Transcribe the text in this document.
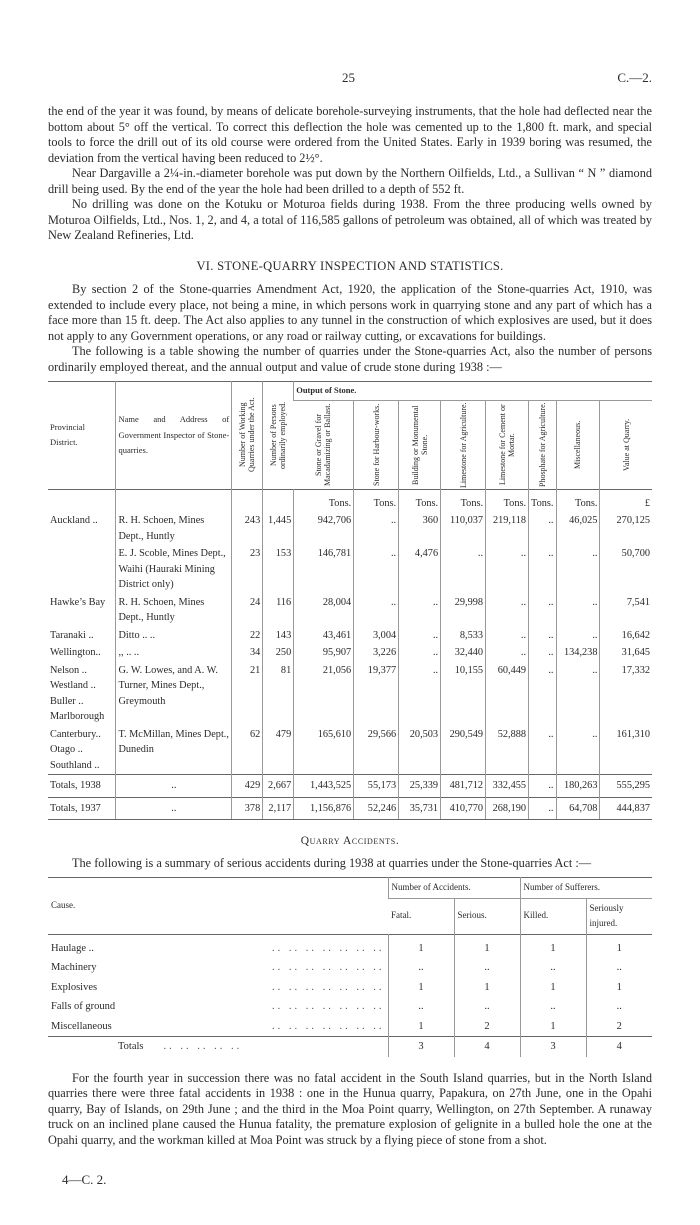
25	C.—2.

the end of the year it was found, by means of delicate borehole-surveying instruments, that the hole had deflected near the bottom about 5° off the vertical. To correct this deflection the hole was cemented up to the 1,800 ft. mark, and special tools to force the drill out of its old course were ordered from the United States. Early in 1939 boring was resumed, the deviation from the vertical having been reduced to 2½°.

Near Dargaville a 2¼-in.-diameter borehole was put down by the Northern Oilfields, Ltd., a Sullivan “ N ” diamond drill being used. By the end of the year the hole had been drilled to a depth of 552 ft.

No drilling was done on the Kotuku or Moturoa fields during 1938. From the three producing wells owned by Moturoa Oilfields, Ltd., Nos. 1, 2, and 4, a total of 116,585 gallons of petroleum was obtained, all of which was treated by New Zealand Refineries, Ltd.

VI. STONE-QUARRY INSPECTION AND STATISTICS.

By section 2 of the Stone-quarries Amendment Act, 1920, the application of the Stone-quarries Act, 1910, was extended to include every place, not being a mine, in which persons work in quarrying stone and any part of which has a face more than 15 ft. deep. The Act also applies to any tunnel in the construction of which explosives are used, but it does not apply to any Government operations, or any road or railway cutting, or excavations for buildings.

The following is a table showing the number of quarries under the Stone-quarries Act, also the number of persons ordinarily employed thereat, and the annual output and value of crude stone during 1938 :—

Provincial District.	Name and Address of Government Inspector of Stone-quarries.	Number of Working Quarries under the Act.	Number of Persons ordinarily employed.	Output of Stone.							

				Stone or Gravel for Macadamizing or Ballast.	Stone for Harbour-works.	Building or Monumental Stone.	Limestone for Agriculture.	Limestone for Cement or Mortar.	Phosphate for Agriculture.	Miscellaneous.	Value at Quarry.

				Tons.	Tons.	Tons.	Tons.	Tons.	Tons.	Tons.	£
Auckland ..	R. H. Schoen, Mines Dept., Huntly	243	1,445	942,706	..	360	110,037	219,118	..	46,025	270,125
	E. J. Scoble, Mines Dept., Waihi (Hauraki Mining District only)	23	153	146,781	..	4,476	..	..	..	..	50,700
Hawke’s Bay	R. H. Schoen, Mines Dept., Huntly	24	116	28,004	..	..	29,998	..	..	..	7,541
Taranaki ..	Ditto .. ..	22	143	43,461	3,004	..	8,533	..	..	..	16,642
Wellington..	,, .. ..	34	250	95,907	3,226	..	32,440	..	..	134,238	31,645
Nelson ..
Westland ..
Buller ..
Marlborough	G. W. Lowes, and A. W. Turner, Mines Dept., Greymouth	21	81	21,056	19,377	..	10,155	60,449	..	..	17,332
Canterbury..
Otago ..
Southland ..	T. McMillan, Mines Dept., Dunedin	62	479	165,610	29,566	20,503	290,549	52,888	..	..	161,310
Totals, 1938	..	429	2,667	1,443,525	55,173	25,339	481,712	332,455	..	180,263	555,295
Totals, 1937	..	378	2,117	1,156,876	52,246	35,731	410,770	268,190	..	64,708	444,837
Quarry Accidents.

The following is a summary of serious accidents during 1938 at quarries under the Stone-quarries Act :—

Cause.	Number of Accidents.		Number of Sufferers.	
	Fatal.	Serious.	Killed.	Seriously injured.

Haulage ..	.. .. .. .. .. .. ..	1	1	1	1

Machinery	.. .. .. .. .. .. ..	..	..	..	..

Explosives	.. .. .. .. .. .. ..	1	1	1	1

Falls of ground	.. .. .. .. .. .. ..	..	..	..	..

Miscellaneous	.. .. .. .. .. .. ..	1	2	1	2
Totals .. .. .. .. ..	3	4	3	4

For the fourth year in succession there was no fatal accident in the South Island quarries, but in the North Island quarries there were three fatal accidents in 1938 : one in the Hunua quarry, Papakura, on 27th June, one in the Opahi quarry, Bay of Islands, on 29th June ; and the third in the Moa Point quarry, Wellington, on 27th September. A runaway truck on an inclined plane caused the Hunua fatality, the premature explosion of gelignite in a bulled hole the one at the Opahi quarry, and the workman killed at Moa Point was struck by a flying piece of stone from a shot.

4—C. 2.
